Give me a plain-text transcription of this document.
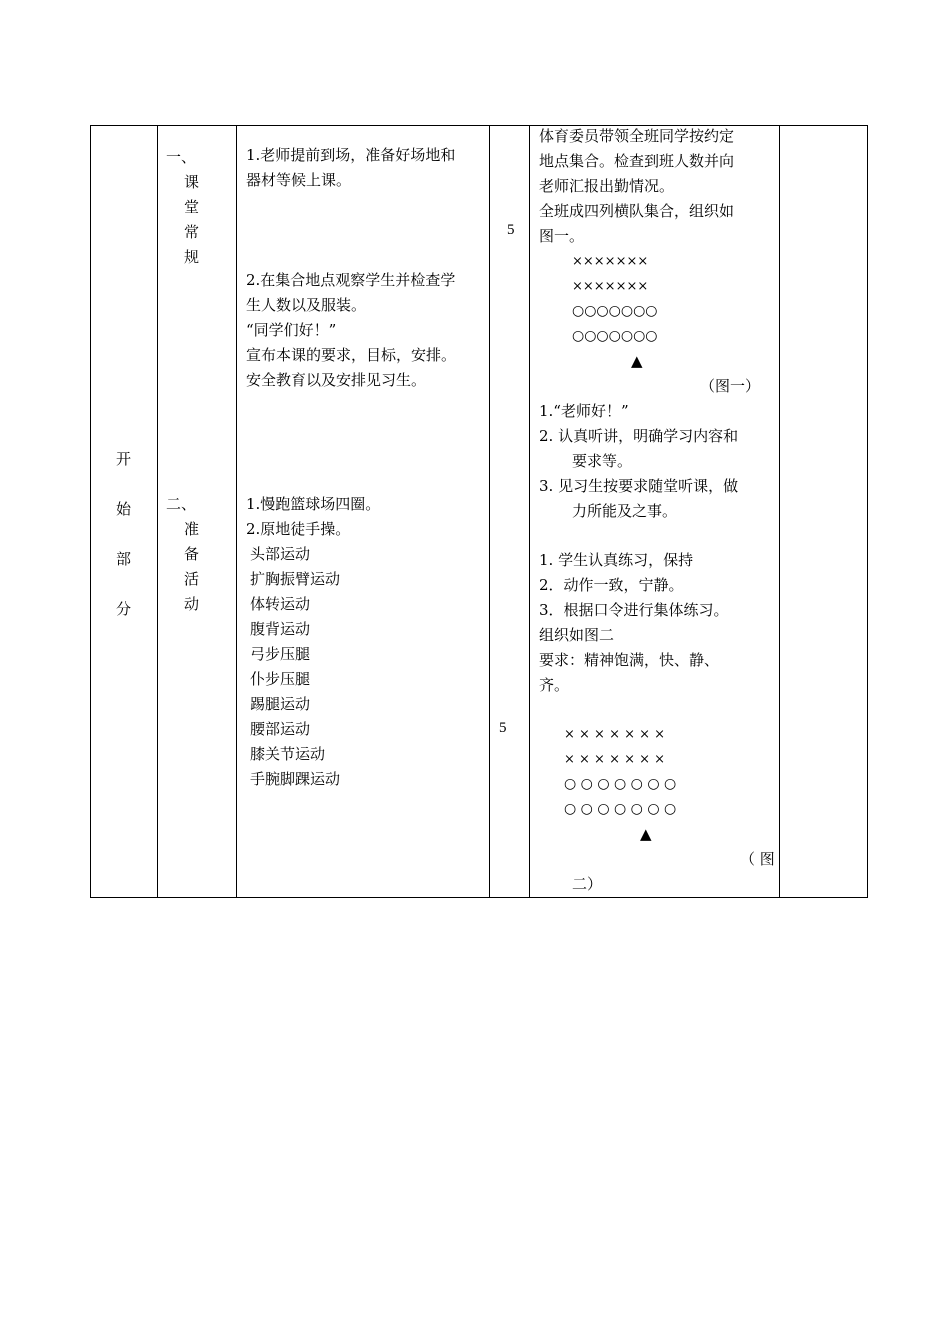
开
始
部
分
一、
课
堂
常
规
二、
准
备
活
动
1.老师提前到场，准备好场地和
器材等候上课。
2.在集合地点观察学生并检查学
生人数以及服装。
“同学们好！”
宣布本课的要求，目标，安排。
安全教育以及安排见习生。
1.慢跑篮球场四圈。
2.原地徒手操。
头部运动
扩胸振臂运动
体转运动
腹背运动
弓步压腿
仆步压腿
踢腿运动
腰部运动
膝关节运动
手腕脚踝运动
5
5
体育委员带领全班同学按约定
地点集合。检查到班人数并向
老师汇报出勤情况。
全班成四列横队集合，组织如
图一。
×××××××
×××××××
○○○○○○○
○○○○○○○
▲
（图一）
1.“老师好！”
2. 认真听讲，明确学习内容和
要求等。
3. 见习生按要求随堂听课，做
力所能及之事。
1. 学生认真练习，保持
2．动作一致，宁静。
3．根据口令进行集体练习。
组织如图二
要求：精神饱满，快、静、
齐。
× × × × × × ×
× × × × × × ×
○ ○ ○ ○ ○ ○ ○
○ ○ ○ ○ ○ ○ ○
▲
（ 图
二）
